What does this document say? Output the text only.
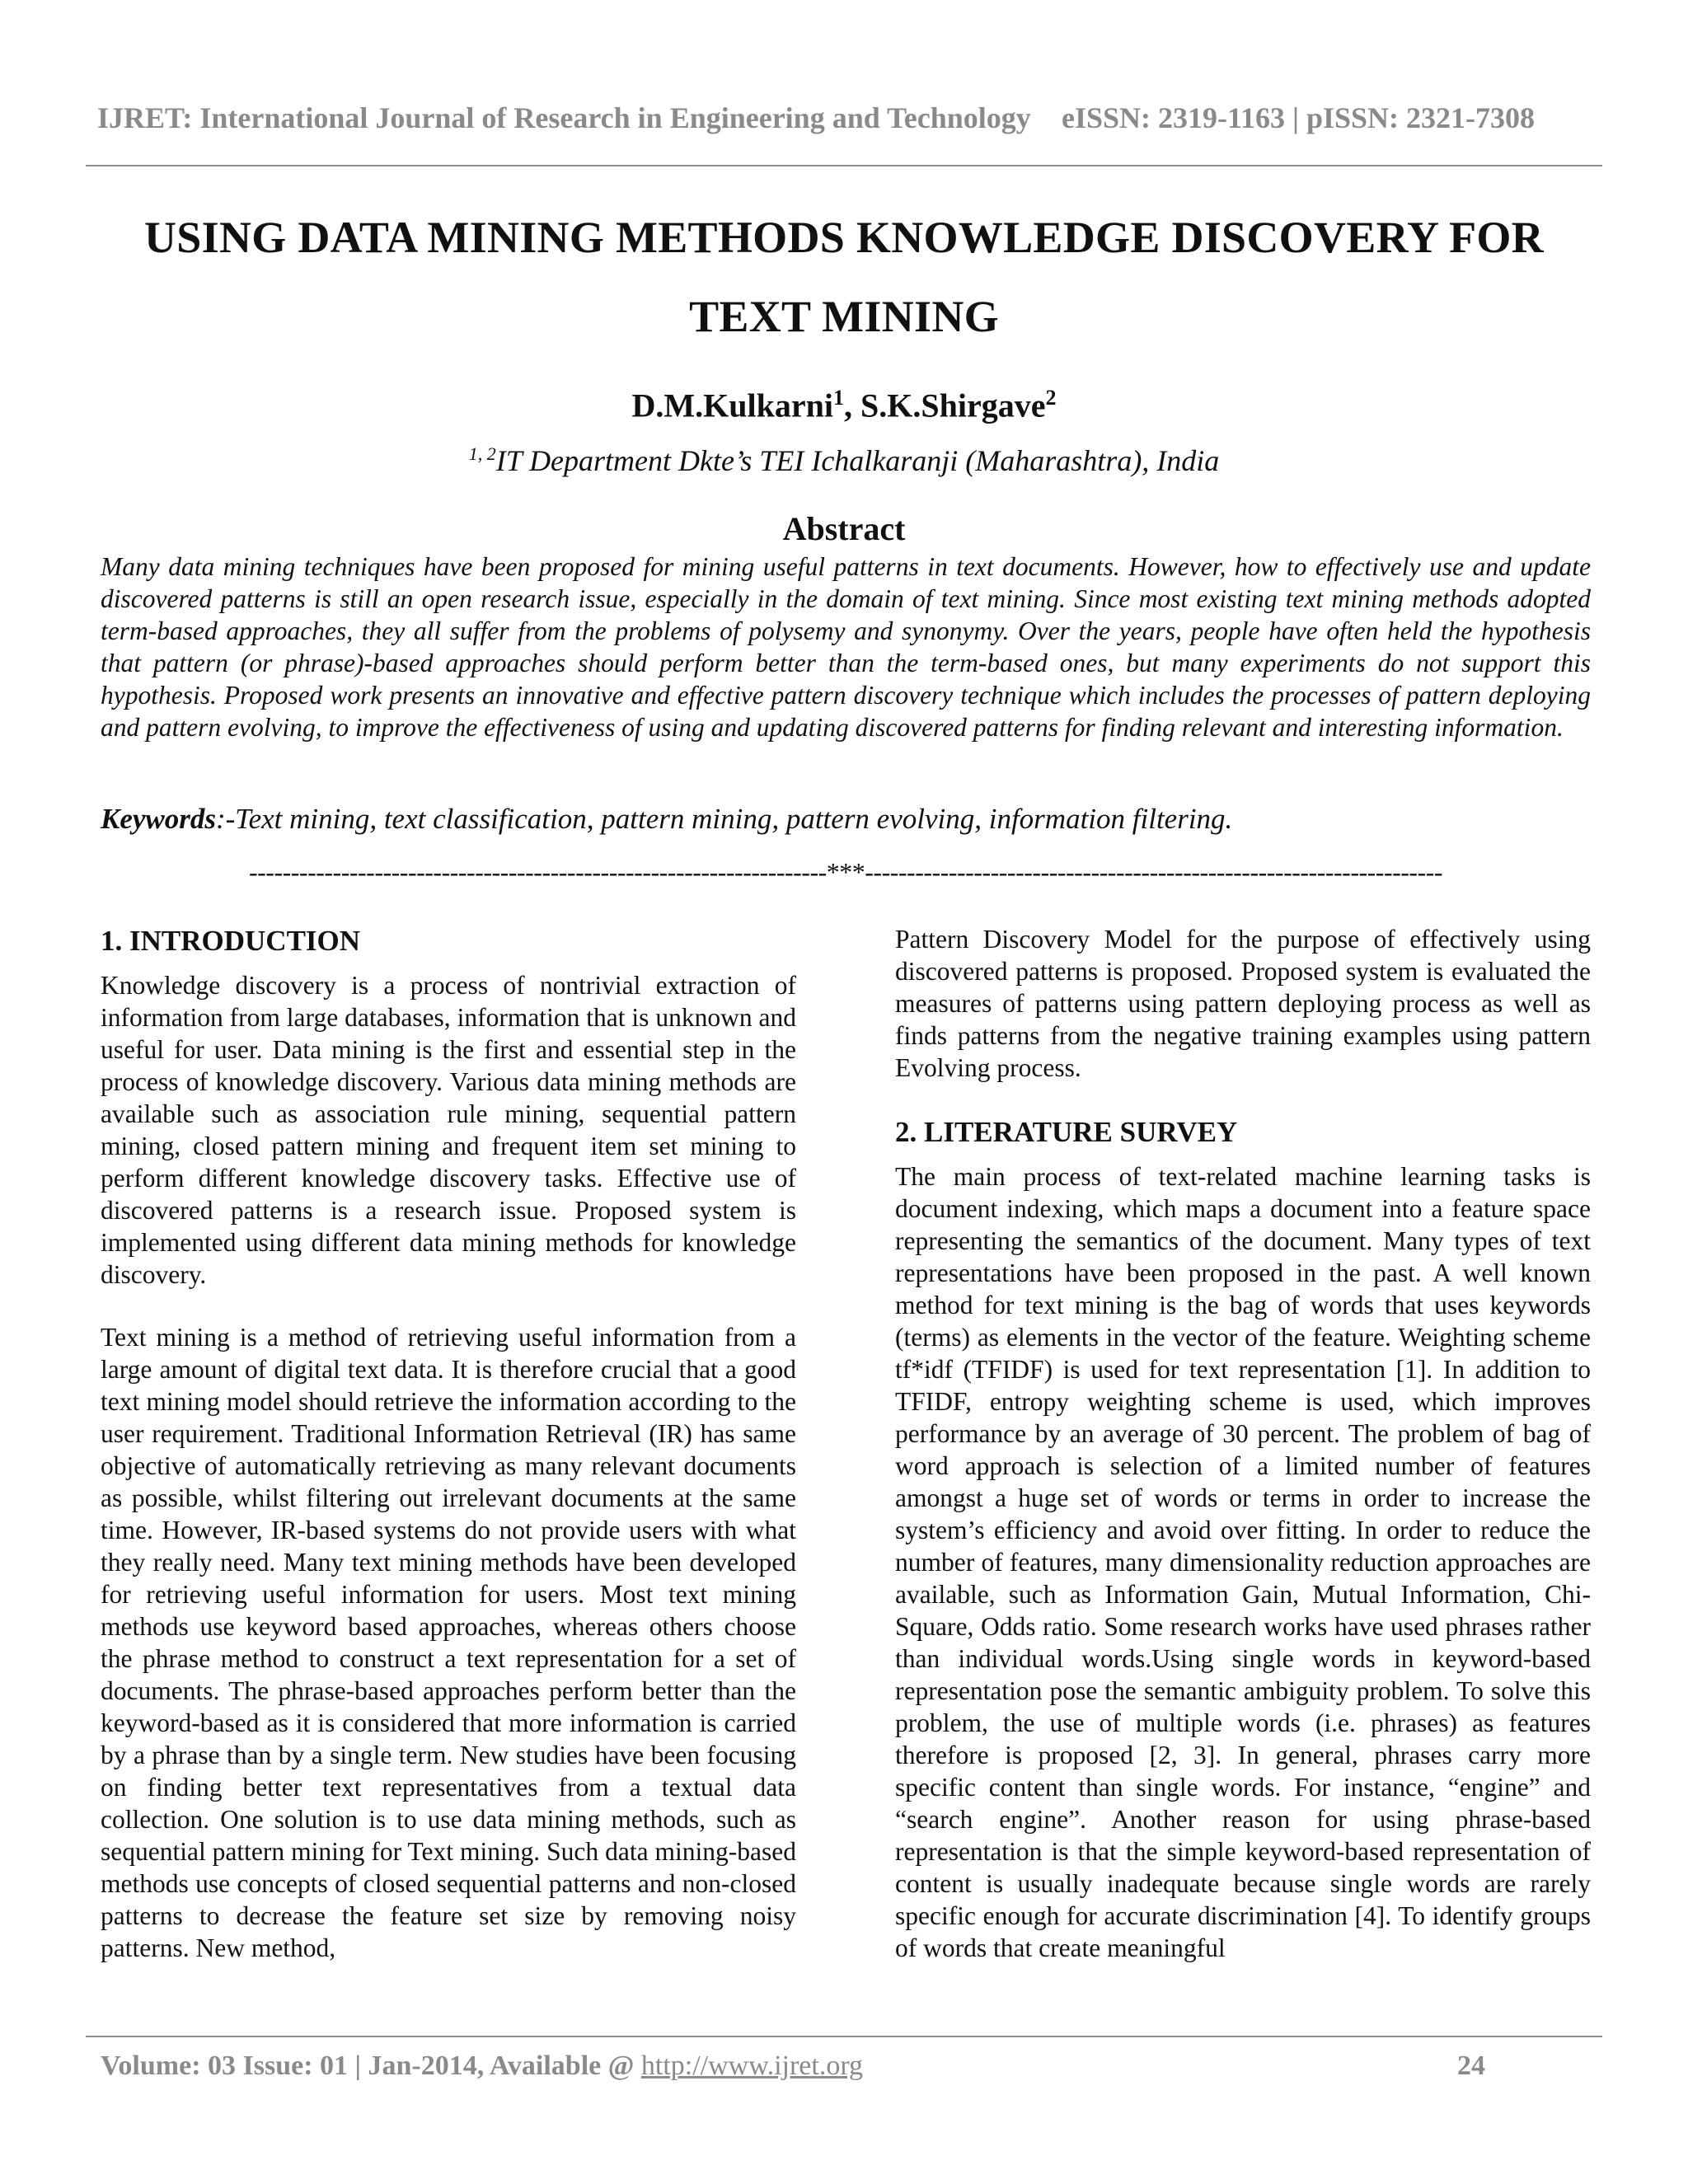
IJRET: International Journal of Research in Engineering and Technology eISSN: 2319-1163 | pISSN: 2321-7308
USING DATA MINING METHODS KNOWLEDGE DISCOVERY FOR
TEXT MINING
D.M.Kulkarni$^1$, S.K.Shirgave$^2$
$^{1, 2}$IT Department Dkte’s TEI Ichalkaranji (Maharashtra), India
Abstract
Many data mining techniques have been proposed for mining useful patterns in text documents. However, how to effectively use and update discovered patterns is still an open research issue, especially in the domain of text mining. Since most existing text mining methods adopted term-based approaches, they all suffer from the problems of polysemy and synonymy. Over the years, people have often held the hypothesis that pattern (or phrase)-based approaches should perform better than the term-based ones, but many experiments do not support this hypothesis. Proposed work presents an innovative and effective pattern discovery technique which includes the processes of pattern deploying and pattern evolving, to improve the effectiveness of using and updating discovered patterns for finding relevant and interesting information.
Keywords:-Text mining, text classification, pattern mining, pattern evolving, information filtering.
---------------------------------------------------------------------***---------------------------------------------------------------------
1. INTRODUCTION

Knowledge discovery is a process of nontrivial extraction of information from large databases, information that is unknown and useful for user. Data mining is the first and essential step in the process of knowledge discovery. Various data mining methods are available such as association rule mining, sequential pattern mining, closed pattern mining and frequent item set mining to perform different knowledge discovery tasks. Effective use of discovered patterns is a research issue. Proposed system is implemented using different data mining methods for knowledge discovery.

Text mining is a method of retrieving useful information from a large amount of digital text data. It is therefore crucial that a good text mining model should retrieve the information according to the user requirement. Traditional Information Retrieval (IR) has same objective of automatically retrieving as many relevant documents as possible, whilst filtering out irrelevant documents at the same time. However, IR-based systems do not provide users with what they really need. Many text mining methods have been developed for retrieving useful information for users. Most text mining methods use keyword based approaches, whereas others choose the phrase method to construct a text representation for a set of documents. The phrase-based approaches perform better than the keyword-based as it is considered that more information is carried by a phrase than by a single term. New studies have been focusing on finding better text representatives from a textual data collection. One solution is to use data mining methods, such as sequential pattern mining for Text mining. Such data mining-based methods use concepts of closed sequential patterns and non-closed patterns to decrease the feature set size by removing noisy patterns. New method,

Pattern Discovery Model for the purpose of effectively using discovered patterns is proposed. Proposed system is evaluated the measures of patterns using pattern deploying process as well as finds patterns from the negative training examples using pattern Evolving process.

2. LITERATURE SURVEY

The main process of text-related machine learning tasks is document indexing, which maps a document into a feature space representing the semantics of the document. Many types of text representations have been proposed in the past. A well known method for text mining is the bag of words that uses keywords (terms) as elements in the vector of the feature. Weighting scheme tf*idf (TFIDF) is used for text representation [1]. In addition to TFIDF, entropy weighting scheme is used, which improves performance by an average of 30 percent. The problem of bag of word approach is selection of a limited number of features amongst a huge set of words or terms in order to increase the system’s efficiency and avoid over fitting. In order to reduce the number of features, many dimensionality reduction approaches are available, such as Information Gain, Mutual Information, Chi-Square, Odds ratio. Some research works have used phrases rather than individual words.Using single words in keyword-based representation pose the semantic ambiguity problem. To solve this problem, the use of multiple words (i.e. phrases) as features therefore is proposed [2, 3]. In general, phrases carry more specific content than single words. For instance, “engine” and “search engine”. Another reason for using phrase-based representation is that the simple keyword-based representation of content is usually inadequate because single words are rarely specific enough for accurate discrimination [4]. To identify groups of words that create meaningful

Volume: 03 Issue: 01 | Jan-2014, Available @ http://www.ijret.org	24
